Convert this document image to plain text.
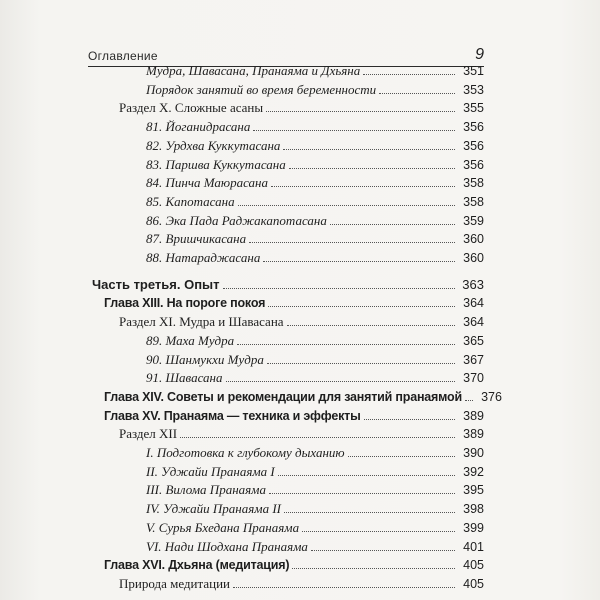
Оглавление	9
Мудра, Шавасана, Пранаяма и Дхьяна	351
Порядок занятий во время беременности	353
Раздел X. Сложные асаны	355
81. Йоганидрасана	356
82. Урдхва Куккутасана	356
83. Паршва Куккутасана	356
84. Пинча Маюрасана	358
85. Капотасана	358
86. Эка Пада Раджакапотасана	359
87. Вришчикасана	360
88. Натараджасана	360
Часть третья. Опыт	363
Глава XIII. На пороге покоя	364
Раздел XI. Мудра и Шавасана	364
89. Маха Мудра	365
90. Шанмукхи Мудра	367
91. Шавасана	370
Глава XIV. Советы и рекомендации для занятий пранаямой	376
Глава XV. Пранаяма — техника и эффекты	389
Раздел XII	389
I. Подготовка к глубокому дыханию	390
II. Уджайи Пранаяма I	392
III. Вилома Пранаяма	395
IV. Уджайи Пранаяма II	398
V. Сурья Бхедана Пранаяма	399
VI. Нади Шодхана Пранаяма	401
Глава XVI. Дхьяна (медитация)	405
Природа медитации	405
